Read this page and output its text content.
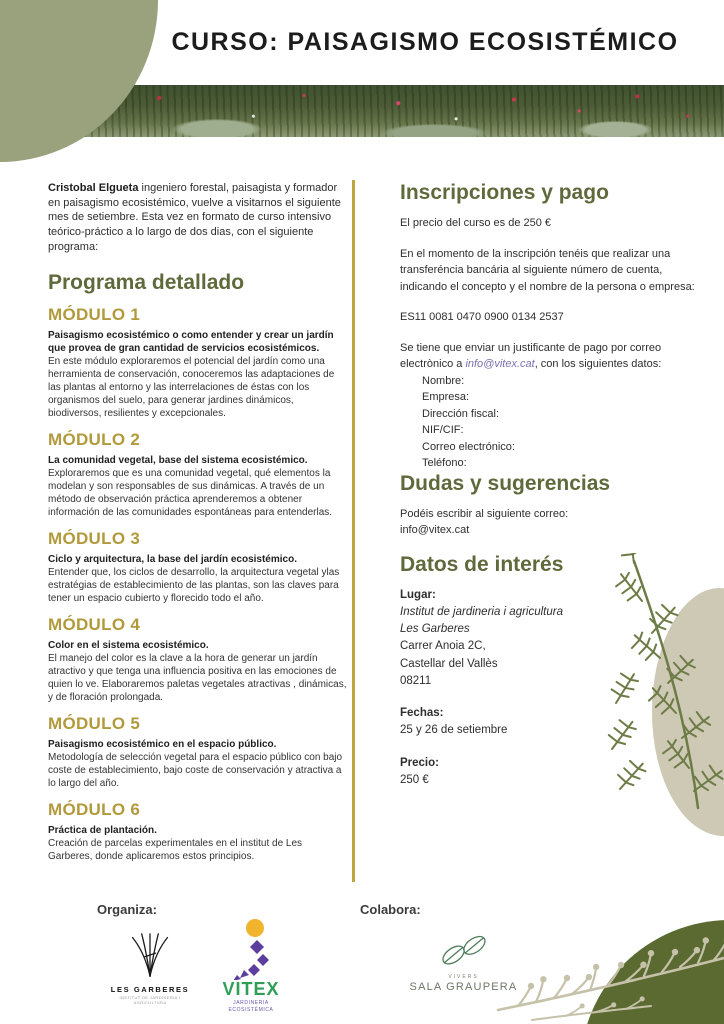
CURSO: PAISAGISMO ECOSISTÉMICO

Cristobal Elgueta ingeniero forestal, paisagista y formador en paisagismo ecosistémico, vuelve a visitarnos el siguiente mes de setiembre. Esta vez en formato de curso intensivo teórico-práctico a lo largo de dos dias, con el siguiente programa:

Programa detallado
MÓDULO 1

Paisagismo ecosistémico o como entender y crear un jardín que provea de gran cantidad de servicios ecosistémicos.

En este módulo exploraremos el potencial del jardín como una herramienta de conservación, conoceremos las adaptaciones de las plantas al entorno y las interrelaciones de éstas con los organismos del suelo, para generar jardines dinámicos, biodiversos, resilientes y excepcionales.

MÓDULO 2

La comunidad vegetal, base del sistema ecosistémico.

Exploraremos que es una comunidad vegetal, qué elementos la modelan y son responsables de sus dinámicas. A través de un método de observación práctica aprenderemos a obtener información de las comunidades espontáneas para entenderlas.

MÓDULO 3

Ciclo y arquitectura, la base del jardín ecosistémico.

Entender que, los ciclos de desarrollo, la arquitectura vegetal ylas estratégias de establecimiento de las plantas, son las claves para tener un espacio cubierto y florecido todo el año.

MÓDULO 4

Color en el sistema ecosistémico.

El manejo del color es la clave a la hora de generar un jardín atractivo y que tenga una influencia positiva en las emociones de quien lo ve. Elaboraremos paletas vegetales atractivas , dinámicas, y de floración prolongada.

MÓDULO 5

Paisagismo ecosistémico en el espacio público.

Metodología de selección vegetal para el espacio público con bajo coste de establecimiento, bajo coste de conservación y atractiva a lo largo del año.

MÓDULO 6

Práctica de plantación.

Creación de parcelas experimentales en el institut de Les Garberes, donde aplicaremos estos principios.

Inscripciones y pago

El precio del curso es de 250 €

En el momento de la inscripción tenéis que realizar una transferéncia bancária al siguiente número de cuenta, indicando el concepto y el nombre de la persona o empresa:

ES11 0081 0470 0900 0134 2537

Se tiene que enviar un justificante de pago por correo electrònico a info@vitex.cat, con los siguientes datos:

Nombre:
Empresa:
Dirección fiscal:
NIF/CIF:
Correo electrónico:
Teléfono:
Dudas y sugerencias

Podéis escribir al siguiente correo:

info@vitex.cat

Datos de interés

Lugar:

Institut de jardineria i agricultura

Les Garberes

Carrer Anoia 2C,

Castellar del Vallès

08211

Fechas:

25 y 26 de setiembre

Precio:

250 €

Organiza:	Colabora:
LES GARBERES
INSTITUT DE JARDINERIA I AGRICULTURA
VITEX
JARDINERIA
ECOSISTÉMICA
VIVERS
SALA GRAUPERA
